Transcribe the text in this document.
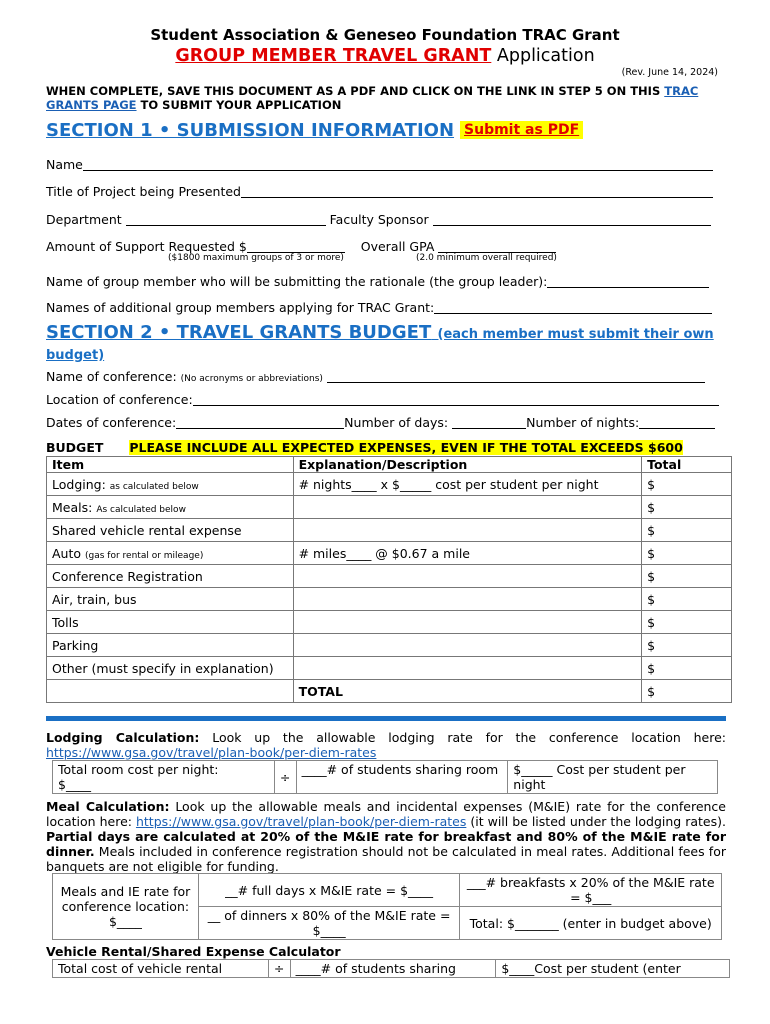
Student Association & Geneseo Foundation TRAC Grant
GROUP MEMBER TRAVEL GRANT Application
(Rev. June 14, 2024)
WHEN COMPLETE, SAVE THIS DOCUMENT AS A PDF AND CLICK ON THE LINK IN STEP 5 ON THIS TRAC GRANTS PAGE TO SUBMIT YOUR APPLICATION
SECTION 1 • SUBMISSION INFORMATION Submit as PDF
Name
Title of Project being Presented
Department	Faculty Sponsor
Amount of Support Requested $	Overall GPA
($1800 maximum groups of 3 or more)	(2.0 minimum overall required)
Name of group member who will be submitting the rationale (the group leader):
Names of additional group members applying for TRAC Grant:
SECTION 2 • TRAVEL GRANTS BUDGET (each member must submit their own budget)
Name of conference: (No acronyms or abbreviations)
Location of conference:
Dates of conference:	Number of days:	Number of nights:
BUDGET PLEASE INCLUDE ALL EXPECTED EXPENSES, EVEN IF THE TOTAL EXCEEDS $600
Item	Explanation/Description	Total
Lodging: as calculated below	# nights____ x $_____ cost per student per night	$
Meals: As calculated below		$
Shared vehicle rental expense		$
Auto (gas for rental or mileage)	# miles____ @ $0.67 a mile	$
Conference Registration		$
Air, train, bus		$
Tolls		$
Parking		$
Other (must specify in explanation)		$
	TOTAL	$
Lodging Calculation: Look up the allowable lodging rate for the conference location here: https://www.gsa.gov/travel/plan-book/per-diem-rates
Total room cost per night:
$____	÷	____# of students sharing room	$_____ Cost per student per night
Meal Calculation: Look up the allowable meals and incidental expenses (M&IE) rate for the conference location here: https://www.gsa.gov/travel/plan-book/per-diem-rates (it will be listed under the lodging rates). Partial days are calculated at 20% of the M&IE rate for breakfast and 80% of the M&IE rate for dinner. Meals included in conference registration should not be calculated in meal rates. Additional fees for banquets are not eligible for funding.
Meals and IE rate for conference location:
$____	__# full days x M&IE rate = $____	___# breakfasts x 20% of the M&IE rate = $___
	__ of dinners x 80% of the M&IE rate = $____	Total: $_______ (enter in budget above)
Vehicle Rental/Shared Expense Calculator
Total cost of vehicle rental	÷	____# of students sharing	$____Cost per student (enter
